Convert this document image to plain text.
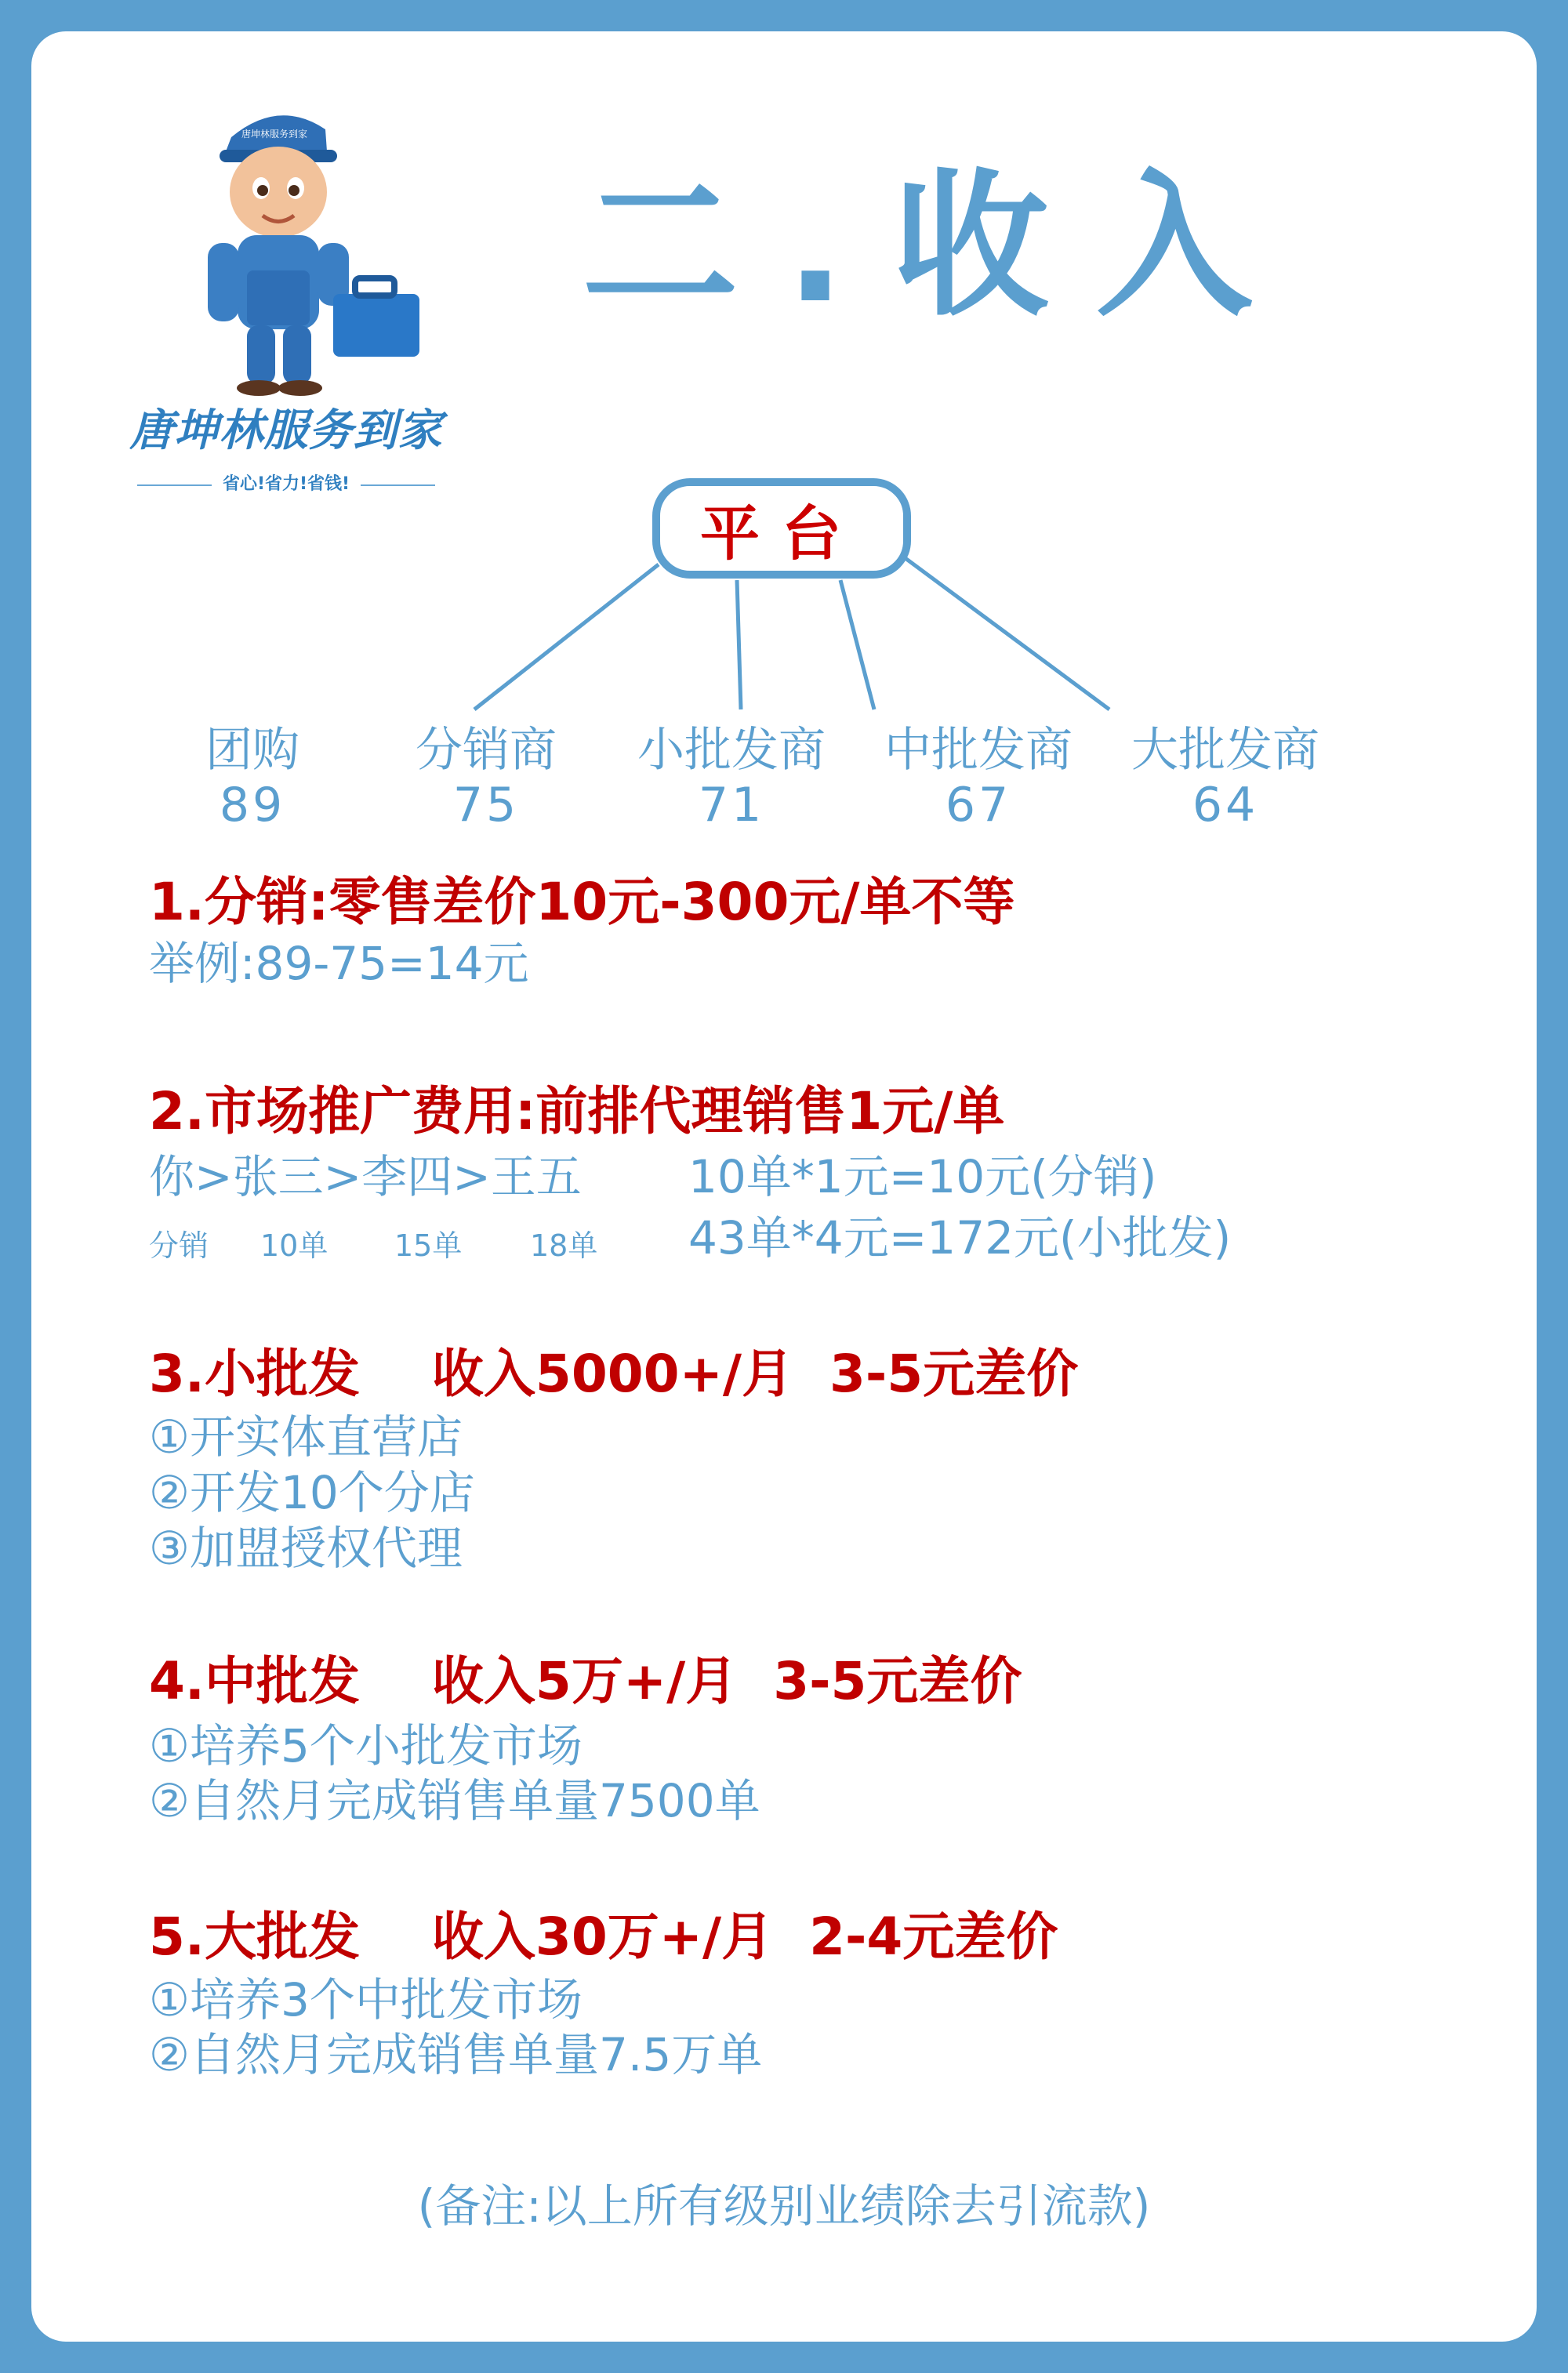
唐坤林服务到家
唐坤林服务到家
省心!省力!省钱!
二.收入
平台
团购
89
分销商
75
小批发商
71
中批发商
67
大批发商
64
1.分销:零售差价10元-300元/单不等
举例:89-75=14元
2.市场推广费用:前排代理销售1元/单
你>张三>李四>王五
分销 10单 15单 18单
10单*1元=10元(分销)
43单*4元=172元(小批发)
3.小批发    收入5000+/月  3-5元差价
①开实体直营店
②开发10个分店
③加盟授权代理
4.中批发    收入5万+/月  3-5元差价
①培养5个小批发市场
②自然月完成销售单量7500单
5.大批发    收入30万+/月  2-4元差价
①培养3个中批发市场
②自然月完成销售单量7.5万单
(备注:以上所有级别业绩除去引流款)
